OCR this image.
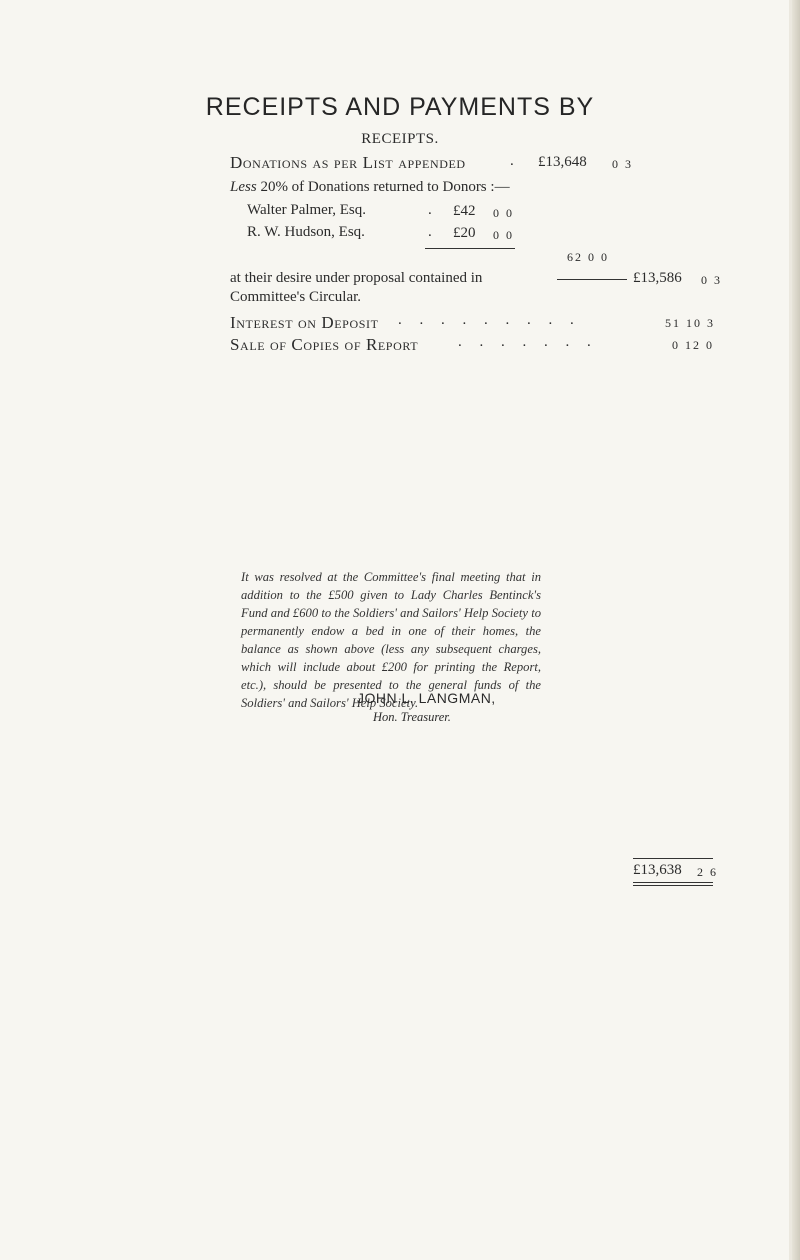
RECEIPTS AND PAYMENTS BY
RECEIPTS.
Donations as per List appended	. £13,648 0 3
Less 20% of Donations returned to Donors :—
Walter Palmer, Esq.	. £42 0 0
R. W. Hudson, Esq.	. £20 0 0
62 0 0
at their desire under proposal contained in
Committee's Circular.
£13,586 0 3
Interest on Deposit . . . . . . . . .	51 10 3
Sale of Copies of Report	. . . . . . .	0 12 0
It was resolved at the Committee's final meeting that in addition to the £500 given to Lady Charles Bentinck's Fund and £600 to the Soldiers' and Sailors' Help Society to permanently endow a bed in one of their homes, the balance as shown above (less any subsequent charges, which will include about £200 for printing the Report, etc.), should be presented to the general funds of the Soldiers' and Sailors' Help Society.
JOHN L. LANGMAN,
Hon. Treasurer.
£13,638 2 6
